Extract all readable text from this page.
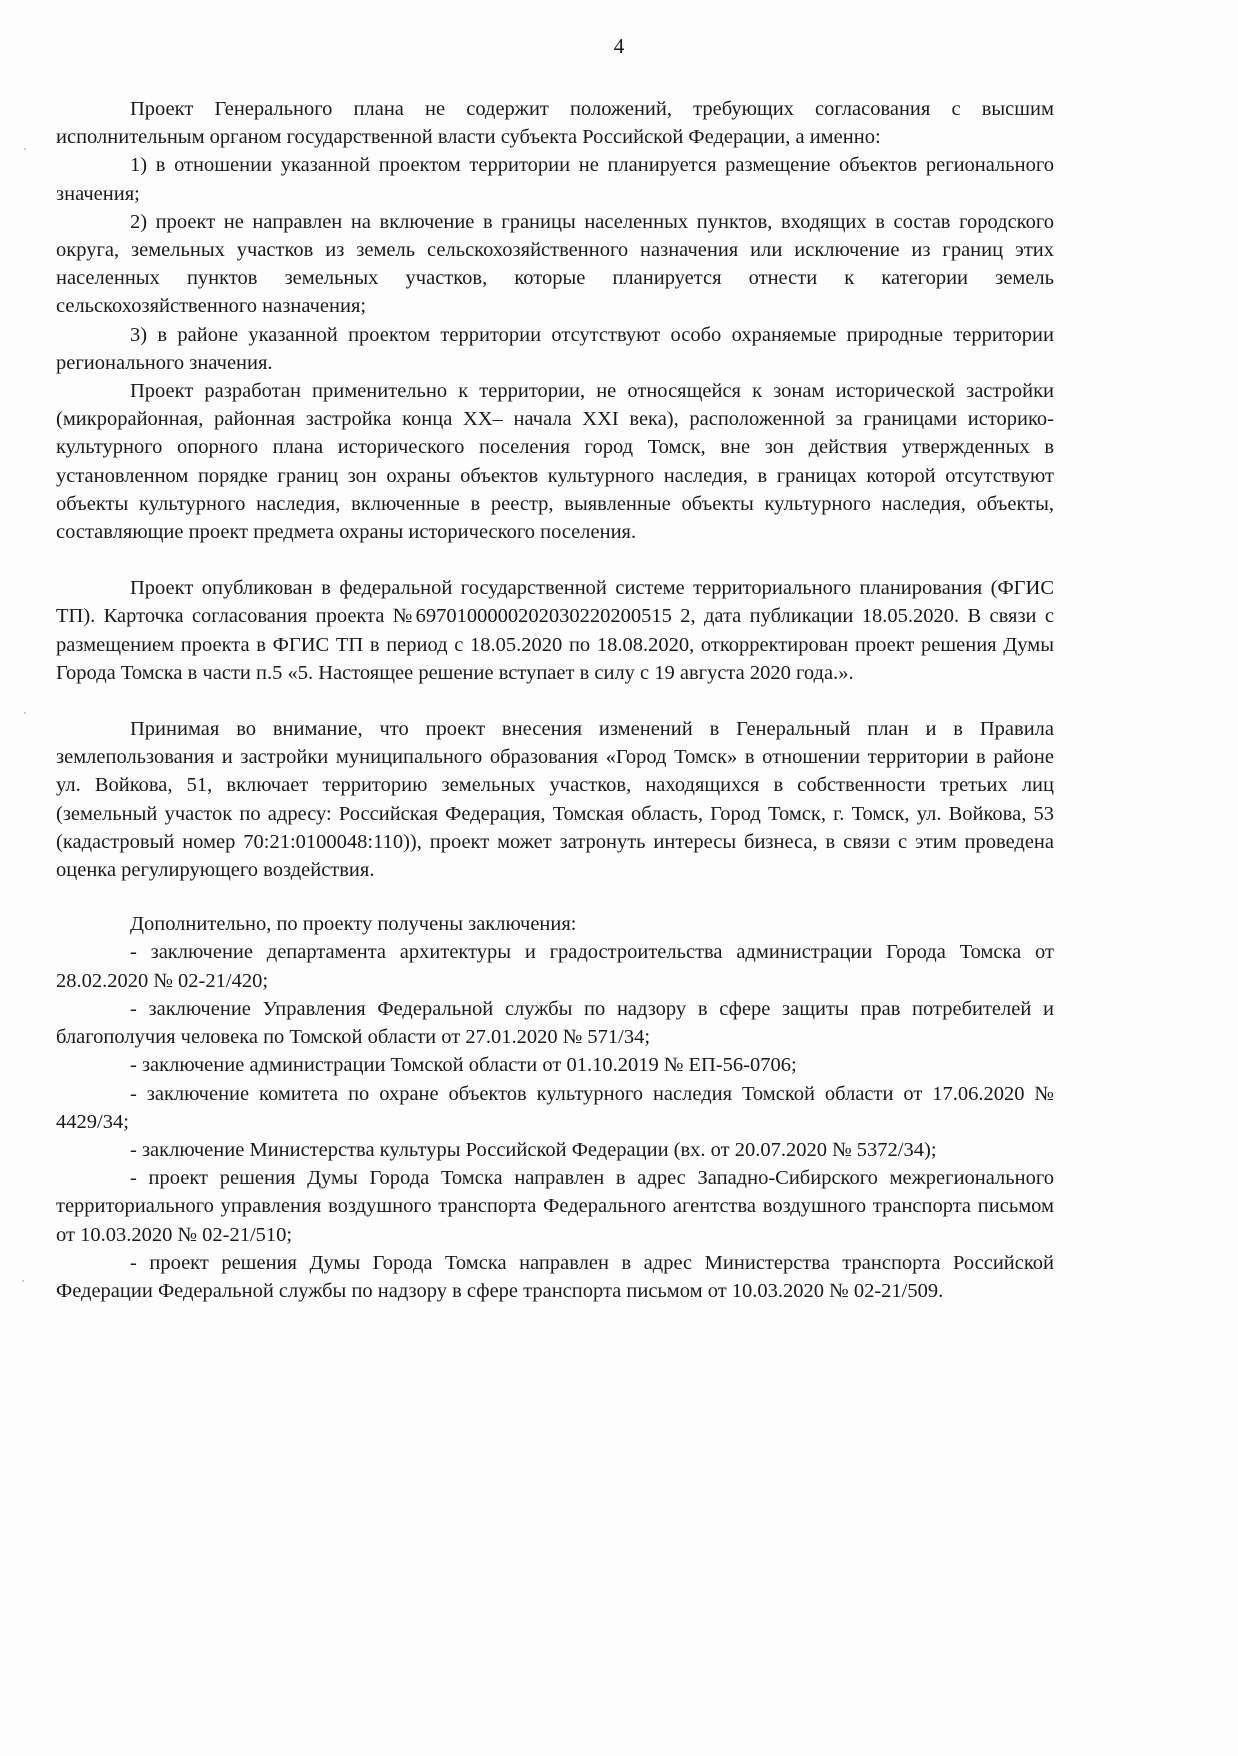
4

Проект Генерального плана не содержит положений, требующих согласования с высшим исполнительным органом государственной власти субъекта Российской Федерации, а именно:

1) в отношении указанной проектом территории не планируется размещение объектов регионального значения;

2) проект не направлен на включение в границы населенных пунктов, входящих в состав городского округа, земельных участков из земель сельскохозяйственного назначения или исключение из границ этих населенных пунктов земельных участков, которые планируется отнести к категории земель сельскохозяйственного назначения;

3) в районе указанной проектом территории отсутствуют особо охраняемые природные территории регионального значения.

Проект разработан применительно к территории, не относящейся к зонам исторической застройки (микрорайонная, районная застройка конца XX– начала XXI века), расположенной за границами историко-культурного опорного плана исторического поселения город Томск, вне зон действия утвержденных в установленном порядке границ зон охраны объектов культурного наследия, в границах которой отсутствуют объекты культурного наследия, включенные в реестр, выявленные объекты культурного наследия, объекты, составляющие проект предмета охраны исторического поселения.

Проект опубликован в федеральной государственной системе территориального планирования (ФГИС ТП). Карточка согласования проекта №6970100000202030220200515 2, дата публикации 18.05.2020. В связи с размещением проекта в ФГИС ТП в период с 18.05.2020 по 18.08.2020, откорректирован проект решения Думы Города Томска в части п.5 «5. Настоящее решение вступает в силу с 19 августа 2020 года.».

Принимая во внимание, что проект внесения изменений в Генеральный план и в Правила землепользования и застройки муниципального образования «Город Томск» в отношении территории в районе ул. Войкова, 51, включает территорию земельных участков, находящихся в собственности третьих лиц (земельный участок по адресу: Российская Федерация, Томская область, Город Томск, г. Томск, ул. Войкова, 53 (кадастровый номер 70:21:0100048:110)), проект может затронуть интересы бизнеса, в связи с этим проведена оценка регулирующего воздействия.

Дополнительно, по проекту получены заключения:

- заключение департамента архитектуры и градостроительства администрации Города Томска от 28.02.2020 № 02-21/420;

- заключение Управления Федеральной службы по надзору в сфере защиты прав потребителей и благополучия человека по Томской области от 27.01.2020 № 571/34;

- заключение администрации Томской области от 01.10.2019 № ЕП-56-0706;

- заключение комитета по охране объектов культурного наследия Томской области от 17.06.2020 № 4429/34;

- заключение Министерства культуры Российской Федерации (вх. от 20.07.2020 № 5372/34);

- проект решения Думы Города Томска направлен в адрес Западно-Сибирского межрегионального территориального управления воздушного транспорта Федерального агентства воздушного транспорта письмом от 10.03.2020 № 02-21/510;

- проект решения Думы Города Томска направлен в адрес Министерства транспорта Российской Федерации Федеральной службы по надзору в сфере транспорта письмом от 10.03.2020 № 02-21/509.
